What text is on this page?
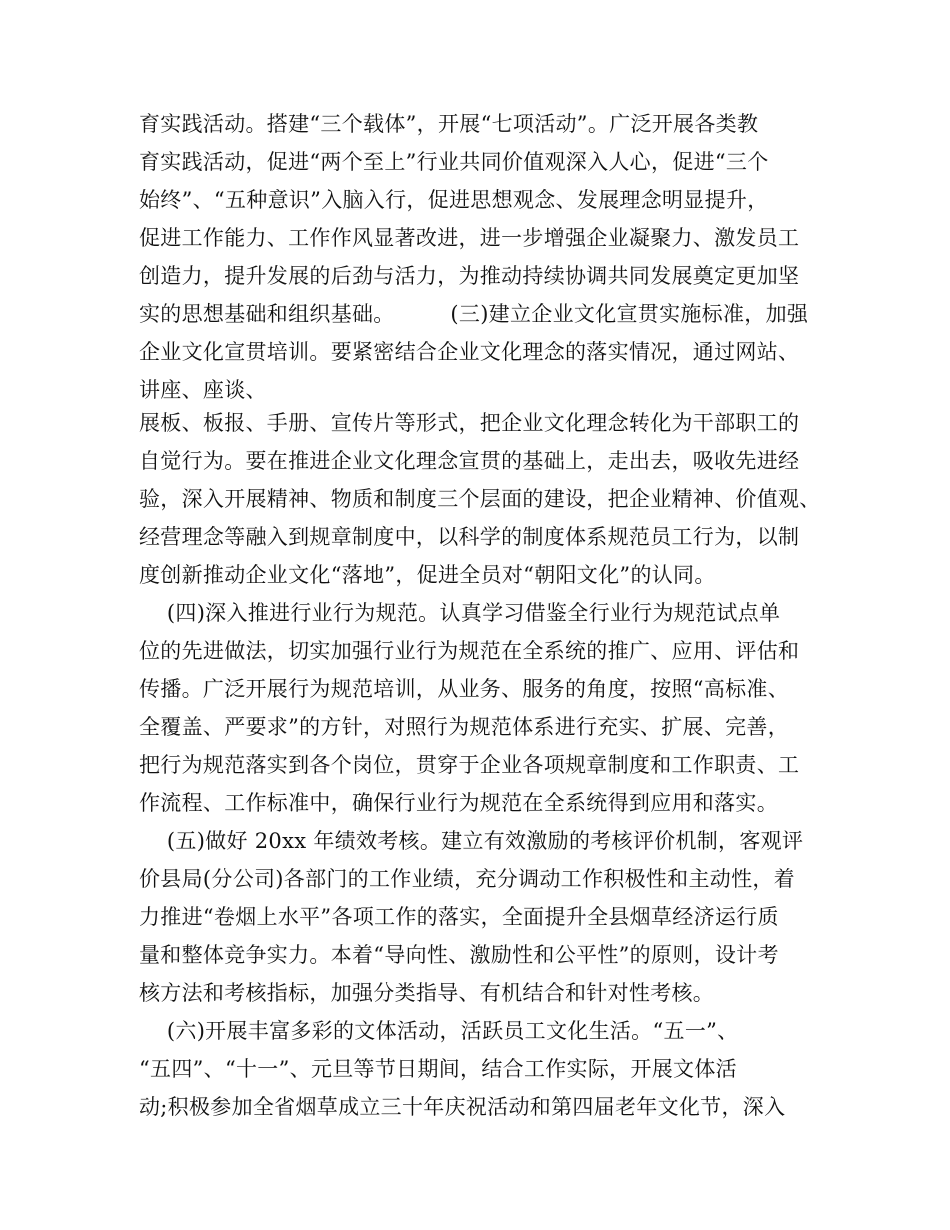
育实践活动。搭建“三个载体”，开展“七项活动”。广泛开展各类教
育实践活动，促进“两个至上”行业共同价值观深入人心，促进“三个
始终”、“五种意识”入脑入行，促进思想观念、发展理念明显提升，
促进工作能力、工作作风显著改进，进一步增强企业凝聚力、激发员工
创造力，提升发展的后劲与活力，为推动持续协调共同发展奠定更加坚
实的思想基础和组织基础。        (三)建立企业文化宣贯实施标准，加强
企业文化宣贯培训。要紧密结合企业文化理念的落实情况，通过网站、
讲座、座谈、
展板、板报、手册、宣传片等形式，把企业文化理念转化为干部职工的
自觉行为。要在推进企业文化理念宣贯的基础上，走出去，吸收先进经
验，深入开展精神、物质和制度三个层面的建设，把企业精神、价值观、
经营理念等融入到规章制度中，以科学的制度体系规范员工行为，以制
度创新推动企业文化“落地”，促进全员对“朝阳文化”的认同。
(四)深入推进行业行为规范。认真学习借鉴全行业行为规范试点单
位的先进做法，切实加强行业行为规范在全系统的推广、应用、评估和
传播。广泛开展行为规范培训，从业务、服务的角度，按照“高标准、
全覆盖、严要求”的方针，对照行为规范体系进行充实、扩展、完善，
把行为规范落实到各个岗位，贯穿于企业各项规章制度和工作职责、工
作流程、工作标准中，确保行业行为规范在全系统得到应用和落实。
(五)做好 20xx 年绩效考核。建立有效激励的考核评价机制，客观评
价县局(分公司)各部门的工作业绩，充分调动工作积极性和主动性，着
力推进“卷烟上水平”各项工作的落实，全面提升全县烟草经济运行质
量和整体竞争实力。本着“导向性、激励性和公平性”的原则，设计考
核方法和考核指标，加强分类指导、有机结合和针对性考核。
(六)开展丰富多彩的文体活动，活跃员工文化生活。“五一”、
“五四”、“十一”、元旦等节日期间，结合工作实际，开展文体活
动;积极参加全省烟草成立三十年庆祝活动和第四届老年文化节，深入
